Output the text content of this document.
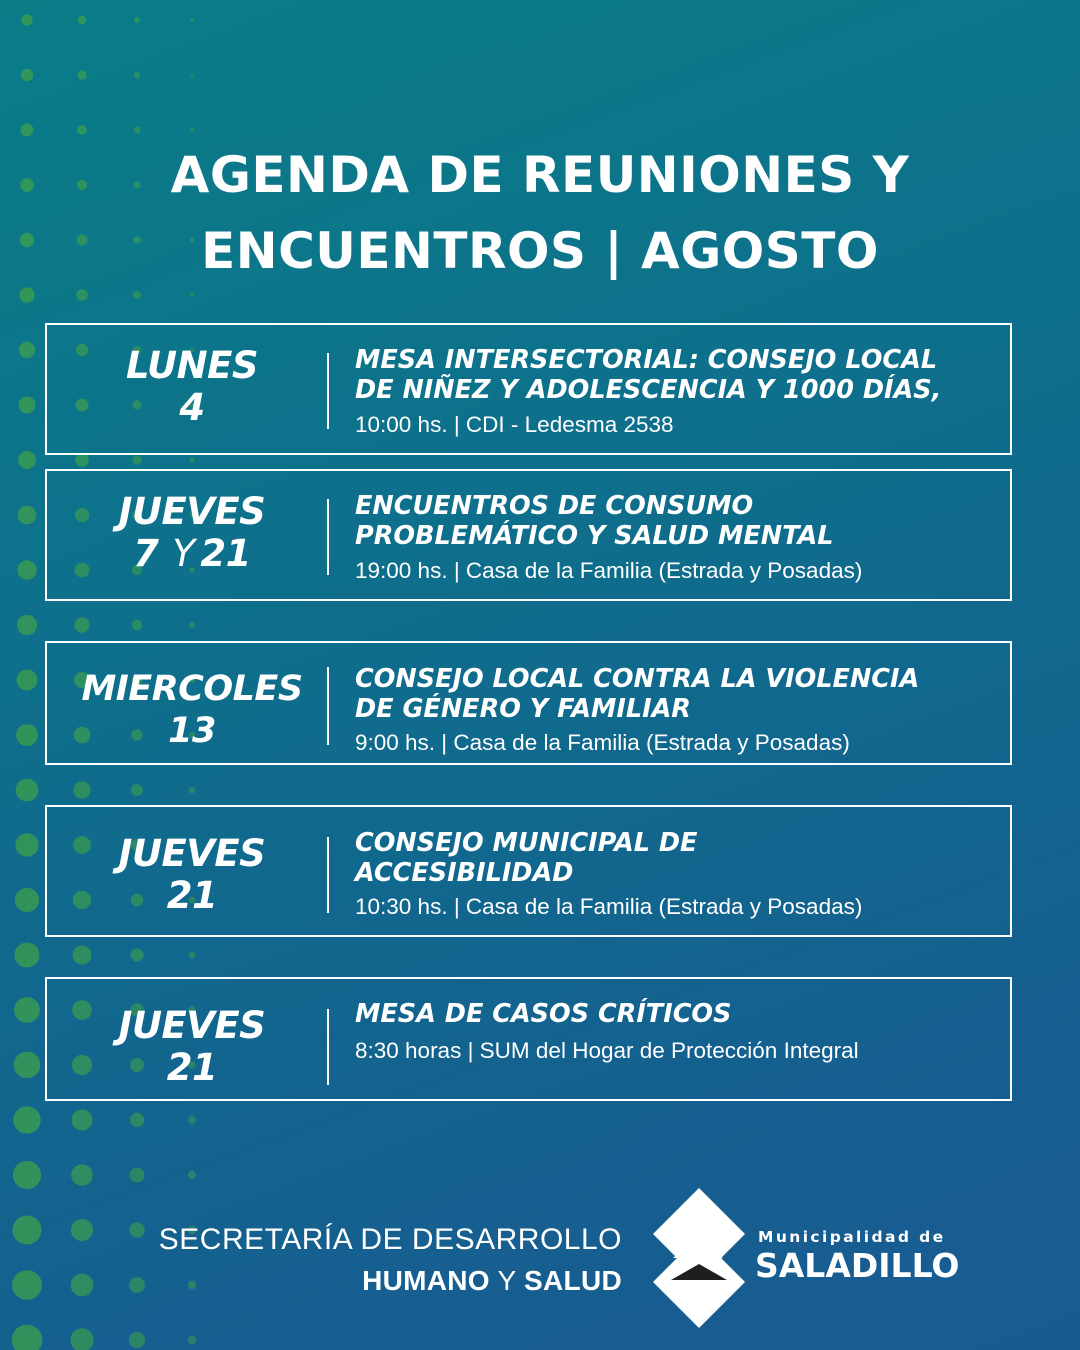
AGENDA DE REUNIONES Y
ENCUENTROS | AGOSTO
LUNES
4
MESA INTERSECTORIAL: CONSEJO LOCAL
DE NIÑEZ Y ADOLESCENCIA Y 1000 DÍAS,
10:00 hs. | CDI - Ledesma 2538
JUEVES
7 Y 21
ENCUENTROS DE CONSUMO
PROBLEMÁTICO Y SALUD MENTAL
19:00 hs. | Casa de la Familia (Estrada y Posadas)
MIERCOLES
13
CONSEJO LOCAL CONTRA LA VIOLENCIA
DE GÉNERO Y FAMILIAR
9:00 hs. | Casa de la Familia (Estrada y Posadas)
JUEVES
21
CONSEJO MUNICIPAL DE
ACCESIBILIDAD
10:30 hs. | Casa de la Familia (Estrada y Posadas)
JUEVES
21
MESA DE CASOS CRÍTICOS
8:30 horas | SUM del Hogar de Protección Integral
SECRETARÍA DE DESARROLLO
HUMANO Y SALUD
Municipalidad de
SALADILLO
